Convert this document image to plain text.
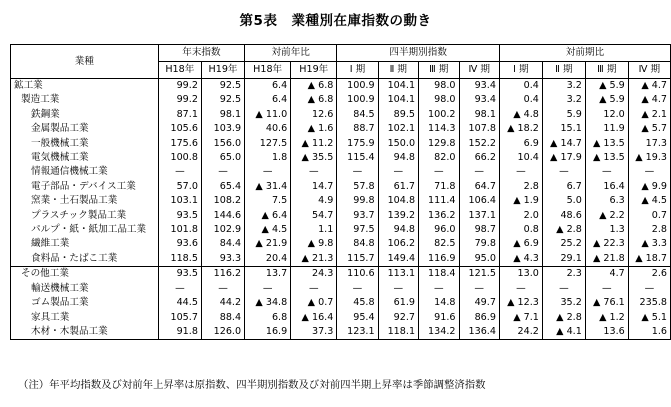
第5表　業種別在庫指数の動き
業種	年末指数		対前年比		四半期別指数				対前期比			
	H18年	H19年	H18年	H19年	Ⅰ 期	Ⅱ 期	Ⅲ 期	Ⅳ 期	Ⅰ 期	Ⅱ 期	Ⅲ 期	Ⅳ 期
鉱工業	99.2	92.5	6.4	▲ 6.8	100.9	104.1	98.0	93.4	0.4	3.2	▲ 5.9	▲ 4.7
製造工業	99.2	92.5	6.4	▲ 6.8	100.9	104.1	98.0	93.4	0.4	3.2	▲ 5.9	▲ 4.7
鉄鋼業	87.1	98.1	▲ 11.0	12.6	84.5	89.5	100.2	98.1	▲ 4.8	5.9	12.0	▲ 2.1
金属製品工業	105.6	103.9	40.6	▲ 1.6	88.7	102.1	114.3	107.8	▲ 18.2	15.1	11.9	▲ 5.7
一般機械工業	175.6	156.0	127.5	▲ 11.2	175.9	150.0	129.8	152.2	6.9	▲ 14.7	▲ 13.5	17.3
電気機械工業	100.8	65.0	1.8	▲ 35.5	115.4	94.8	82.0	66.2	10.4	▲ 17.9	▲ 13.5	▲ 19.3
情報通信機械工業	—	—	—	—	—	—	—	—	—	—	—	—
電子部品・デバイス工業	57.0	65.4	▲ 31.4	14.7	57.8	61.7	71.8	64.7	2.8	6.7	16.4	▲ 9.9
窯業・土石製品工業	103.1	108.2	7.5	4.9	99.8	104.8	111.4	106.4	▲ 1.9	5.0	6.3	▲ 4.5
プラスチック製品工業	93.5	144.6	▲ 6.4	54.7	93.7	139.2	136.2	137.1	2.0	48.6	▲ 2.2	0.7
パルプ・紙・紙加工品工業	101.8	102.9	▲ 4.5	1.1	97.5	94.8	96.0	98.7	0.8	▲ 2.8	1.3	2.8
繊維工業	93.6	84.4	▲ 21.9	▲ 9.8	84.8	106.2	82.5	79.8	▲ 6.9	25.2	▲ 22.3	▲ 3.3
食料品・たばこ工業	118.5	93.3	20.4	▲ 21.3	115.7	149.4	116.9	95.0	▲ 4.3	29.1	▲ 21.8	▲ 18.7
その他工業	93.5	116.2	13.7	24.3	110.6	113.1	118.4	121.5	13.0	2.3	4.7	2.6
輸送機械工業	—	—	—	—	—	—	—	—	—	—	—	—
ゴム製品工業	44.5	44.2	▲ 34.8	▲ 0.7	45.8	61.9	14.8	49.7	▲ 12.3	35.2	▲ 76.1	235.8
家具工業	105.7	88.4	6.8	▲ 16.4	95.4	92.7	91.6	86.9	▲ 7.1	▲ 2.8	▲ 1.2	▲ 5.1
木材・木製品工業	91.8	126.0	16.9	37.3	123.1	118.1	134.2	136.4	24.2	▲ 4.1	13.6	1.6
（注）年平均指数及び対前年上昇率は原指数、四半期別指数及び対前四半期上昇率は季節調整済指数
